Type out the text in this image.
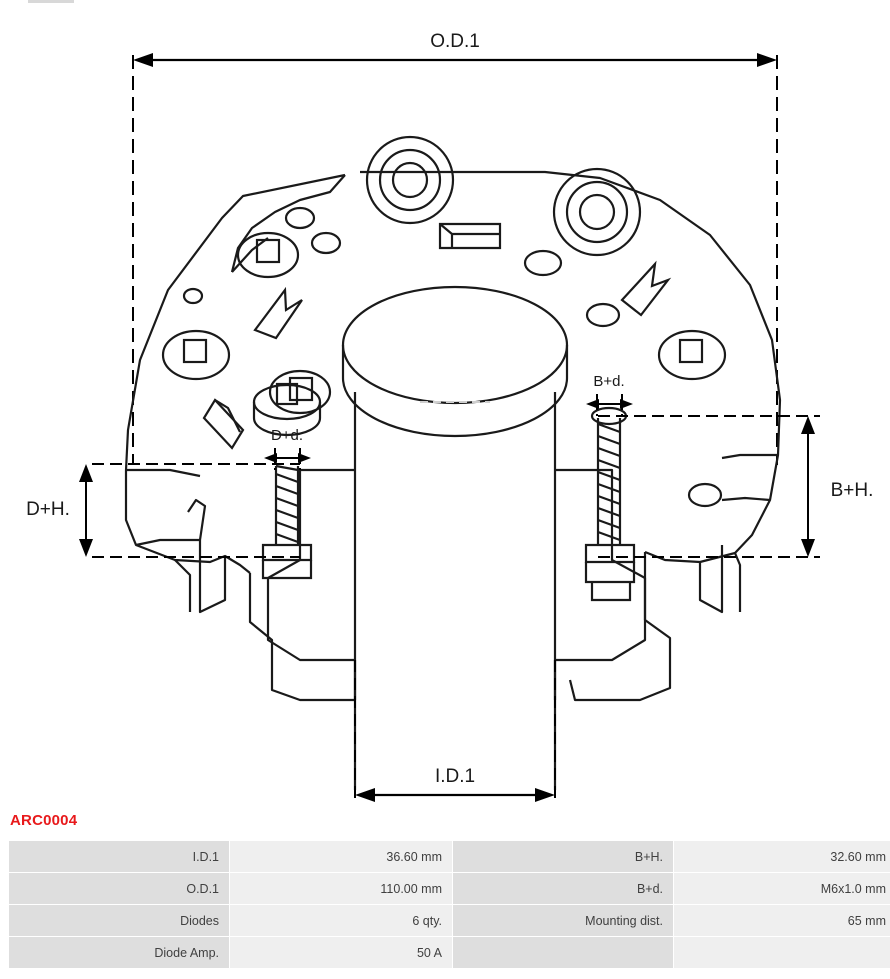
O.D.1
D+d.
B+d.
D+H.
B+H.
I.D.1
ARC0004
I.D.1	36.60 mm	B+H.	32.60 mm
O.D.1	110.00 mm	B+d.	M6x1.0 mm
Diodes	6 qty.	Mounting dist.	65 mm
Diode Amp.	50 A		
